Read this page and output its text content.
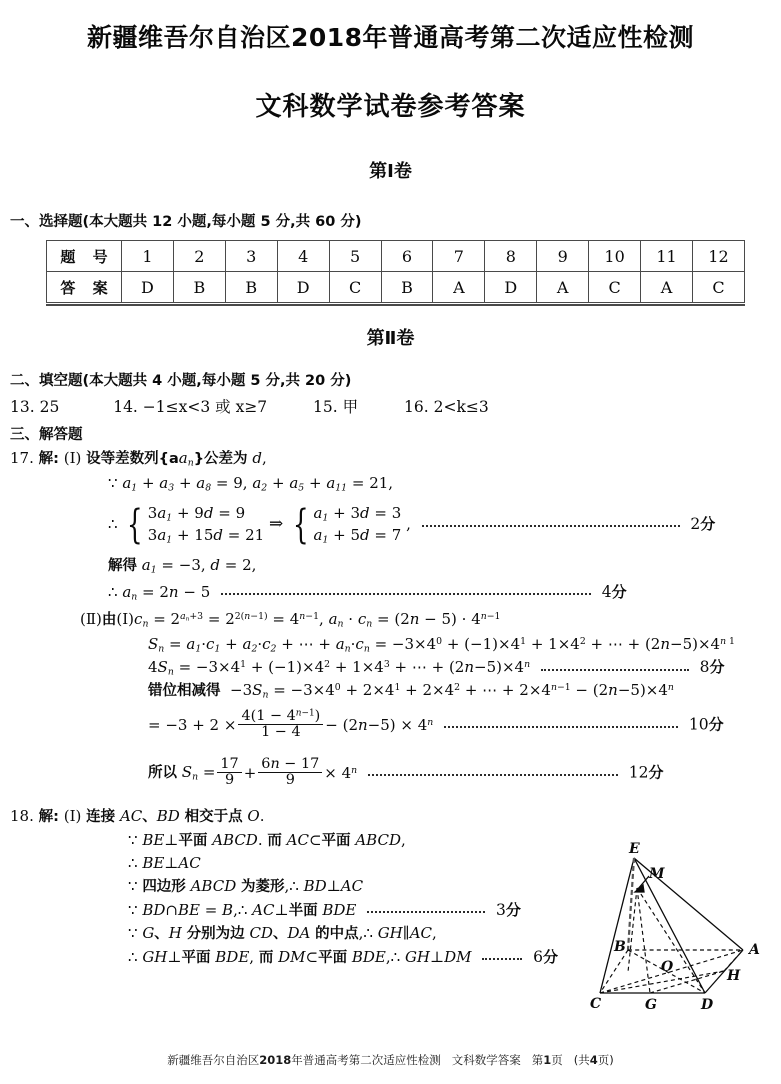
新疆维吾尔自治区2018年普通高考第二次适应性检测
文科数学试卷参考答案
第Ⅰ卷
一、选择题(本大题共 12 小题,每小题 5 分,共 60 分)
题 号	1	2	3	4	5	6	7	8	9	10	11	12
答 案	D	B	B	D	C	B	A	D	A	C	A	C
第Ⅱ卷
二、填空题(本大题共 4 小题,每小题 5 分,共 20 分)
13. 25	14. −1≤x<3 或 x≥7	15. 甲	16. 2<k≤3
三、解答题
17. 解: (Ⅰ) 设等差数列$\{aa_n\}$公差为 d,
∵ $a_1 + a_3 + a_8 = 9$, $a_2 + a_5 + a_{11} = 21$,
∴ { $3a_1 + 9d = 9$
$3a_1 + 15d = 21$
⇒ { $a_1 + 3d = 3$
$a_1 + 5d = 7$
,	2分
解得 $a_1 = -3$, d = 2,
∴ $a_n = 2n - 5$	4分
(Ⅱ)由$(Ⅰ)c_n = 2^{a_n+3} = 2^{2(n-1)} = 4^{n-1}$, $a_n \cdot c_n = (2n - 5) \cdot 4^{n-1}$
$S_n = a_1\cdot c_1 + a_2\cdot c_2$ + ⋯ + $a_n\cdot c_n = -3\times 4^0 + (-1)\times 4^1 + 1\times 4^2$ + ⋯ + $(2n-5)\times 4^{n 1}$
$4S_n = -3\times 4^1 + (-1)\times 4^2 + 1\times 4^3$ + ⋯ + $(2n-5)\times 4^n$	8分
错位相减得  $-3S_n = -3\times 4^0 + 2\times 4^1 + 2\times 4^2$ + ⋯ + $2\times 4^{n-1} - (2n-5)\times 4^n$
= $-3 + 2 \times \frac{4(1 - 4^{n-1})}{1 - 4} - (2n-5) \times 4^n$	10分
所以 $S_n = \frac{17}{9} + \frac{6n - 17}{9} \times 4^n$	12分
18. 解: (Ⅰ) 连接 AC、BD 相交于点 O.
∵ BE⊥平面 ABCD. 而 AC⊂平面 ABCD,
∴ BE⊥AC
∵ 四边形 ABCD 为菱形,∴ BD⊥AC
∵ BD∩BE = B,∴ AC⊥半面 BDE	3分
∵ G、H 分别为边 CD、DA 的中点,∴ GH∥AC,
∴ GH⊥平面 BDE, 而 DM⊂平面 BDE,∴ GH⊥DM	6分
E
M
B	A
O
H
C	G	D
新疆维吾尔自治区2018年普通高考第二次适应性检测 文科数学答案 第1页 (共4页)
